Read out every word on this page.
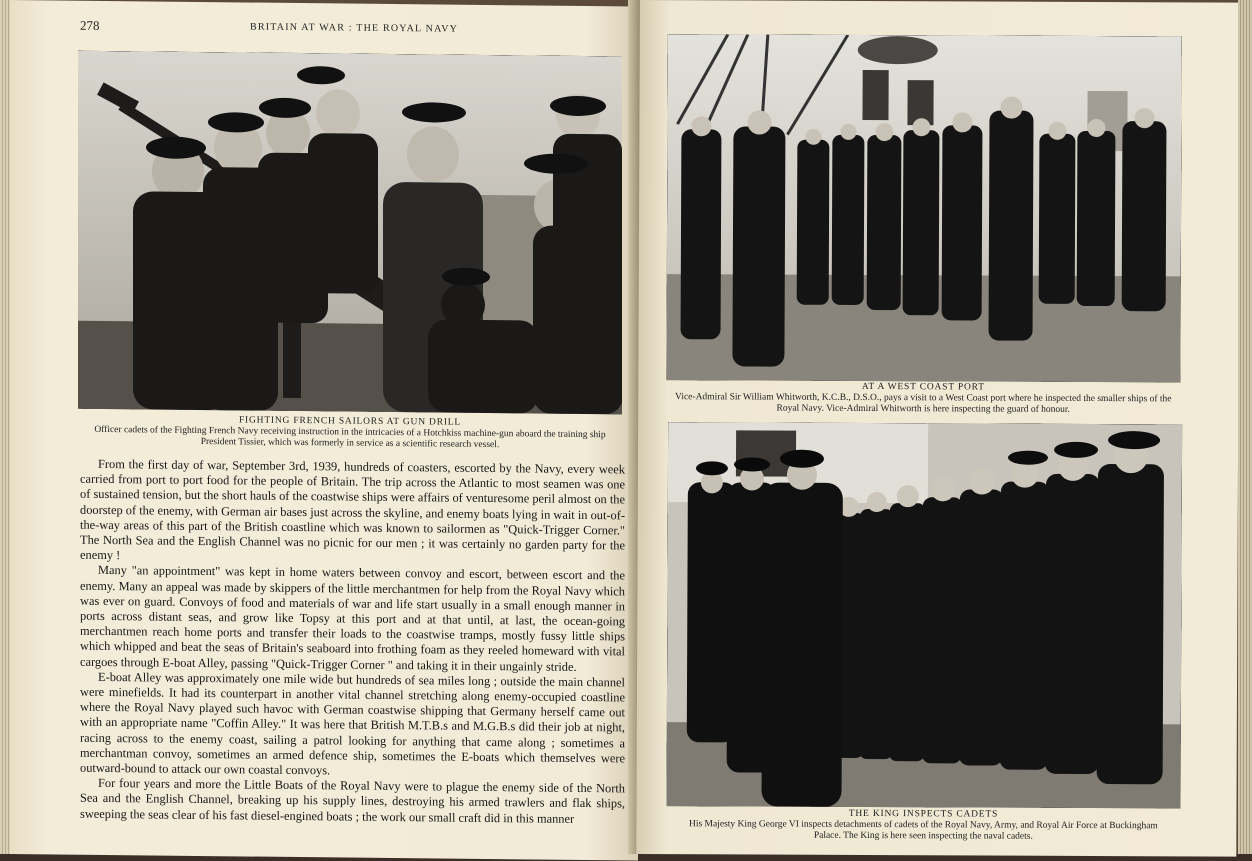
278	BRITAIN AT WAR : THE ROYAL NAVY
FIGHTING FRENCH SAILORS AT GUN DRILL
Officer cadets of the Fighting French Navy receiving instruction in the intricacies of a Hotchkiss machine-gun aboard the training ship President Tissier, which was formerly in service as a scientific research vessel.

From the first day of war, September 3rd, 1939, hundreds of coasters, escorted by the Navy, every week carried from port to port food for the people of Britain. The trip across the Atlantic to most seamen was one of sustained tension, but the short hauls of the coastwise ships were affairs of venturesome peril almost on the doorstep of the enemy, with German air bases just across the skyline, and enemy boats lying in wait in out-of-the-way areas of this part of the British coastline which was known to sailormen as "Quick-Trigger Corner." The North Sea and the English Channel was no picnic for our men ; it was certainly no garden party for the enemy !

Many "an appointment" was kept in home waters between convoy and escort, between escort and the enemy. Many an appeal was made by skippers of the little merchantmen for help from the Royal Navy which was ever on guard. Convoys of food and materials of war and life start usually in a small enough manner in ports across distant seas, and grow like Topsy at this port and at that until, at last, the ocean-going merchantmen reach home ports and transfer their loads to the coastwise tramps, mostly fussy little ships which whipped and beat the seas of Britain's seaboard into frothing foam as they reeled homeward with vital cargoes through E-boat Alley, passing "Quick-Trigger Corner " and taking it in their ungainly stride.

E-boat Alley was approximately one mile wide but hundreds of sea miles long ; outside the main channel were minefields. It had its counterpart in another vital channel stretching along enemy-occupied coastline where the Royal Navy played such havoc with German coastwise shipping that Germany herself came out with an appropriate name "Coffin Alley." It was here that British M.T.B.s and M.G.B.s did their job at night, racing across to the enemy coast, sailing a patrol looking for anything that came along ; sometimes a merchantman convoy, sometimes an armed defence ship, sometimes the E-boats which themselves were outward-bound to attack our own coastal convoys.

For four years and more the Little Boats of the Royal Navy were to plague the enemy side of the North Sea and the English Channel, breaking up his supply lines, destroying his armed trawlers and flak ships, sweeping the seas clear of his fast diesel-engined boats ; the work our small craft did in this manner

AT A WEST COAST PORT
Vice-Admiral Sir William Whitworth, K.C.B., D.S.O., pays a visit to a West Coast port where he inspected the smaller ships of the Royal Navy. Vice-Admiral Whitworth is here inspecting the guard of honour.
THE KING INSPECTS CADETS
His Majesty King George VI inspects detachments of cadets of the Royal Navy, Army, and Royal Air Force at Buckingham Palace. The King is here seen inspecting the naval cadets.
